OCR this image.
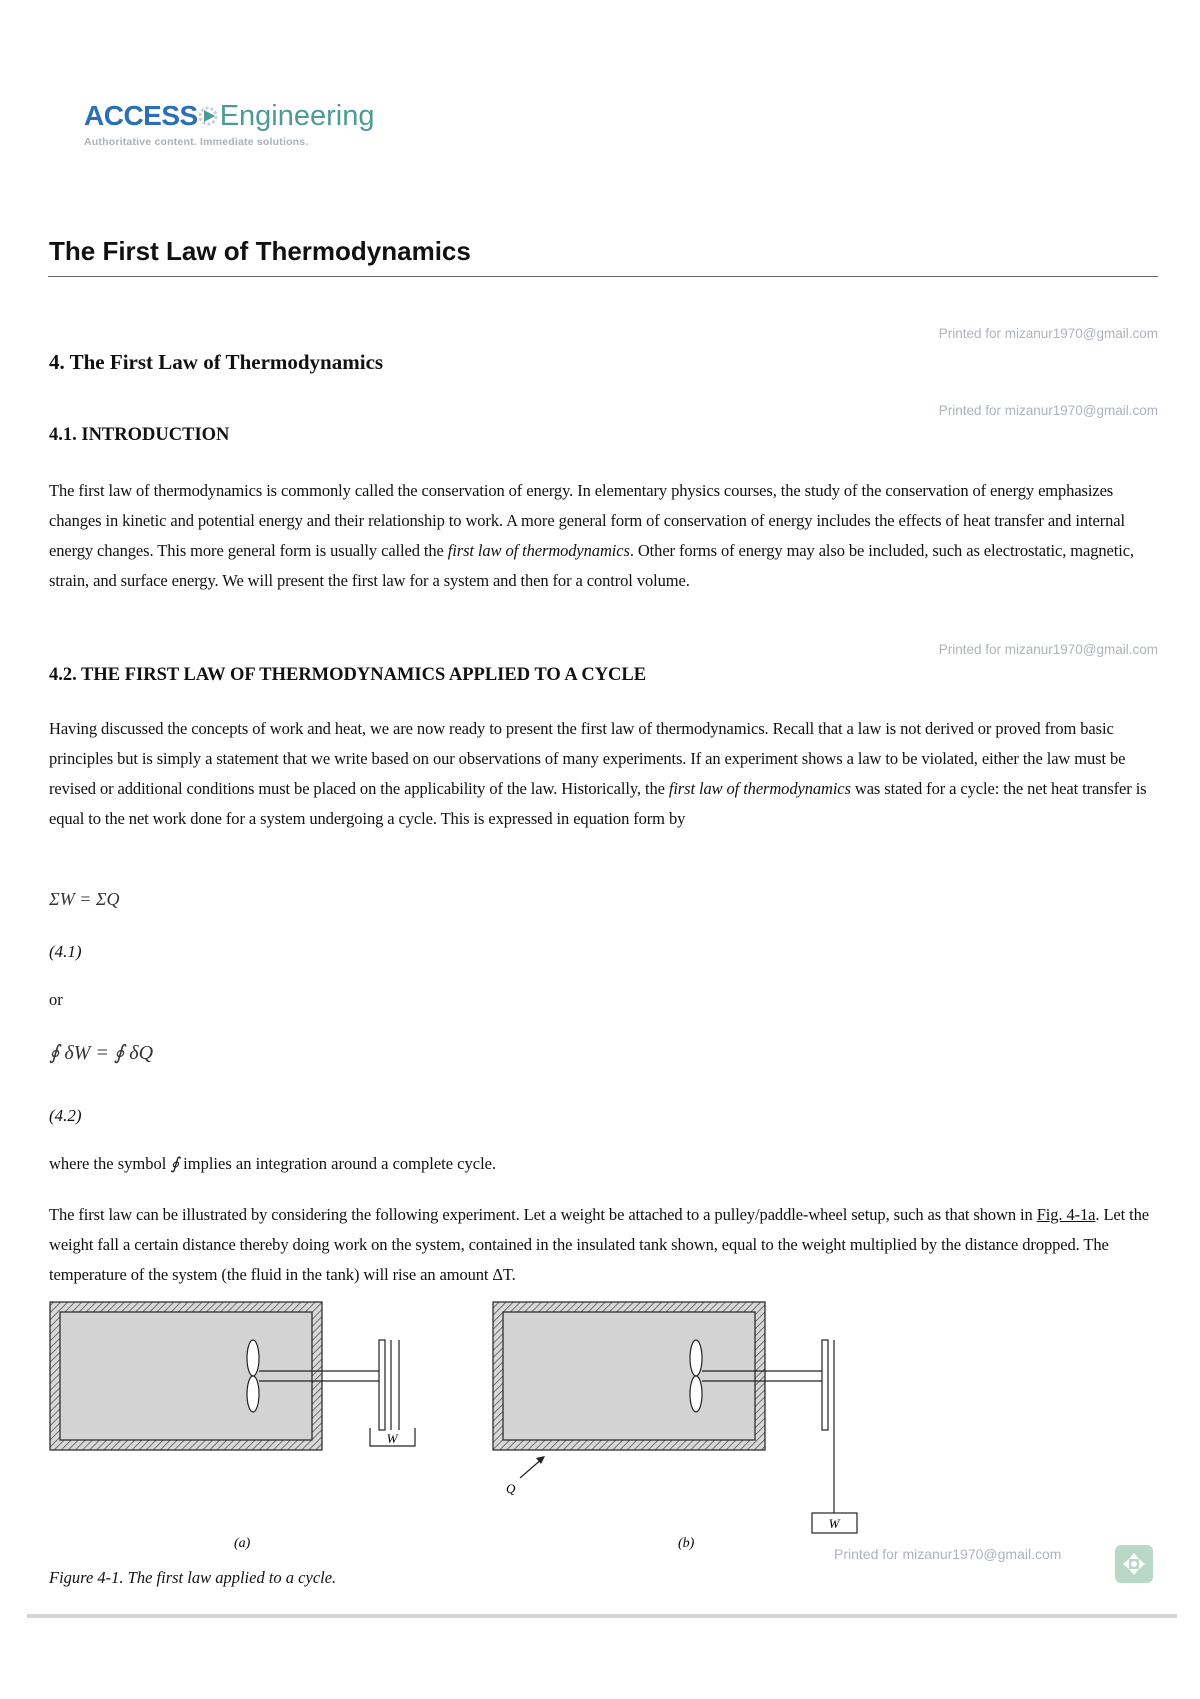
ACCESS Engineering
Authoritative content. Immediate solutions.
The First Law of Thermodynamics
Printed for mizanur1970@gmail.com
4. The First Law of Thermodynamics
Printed for mizanur1970@gmail.com
4.1. INTRODUCTION

The first law of thermodynamics is commonly called the conservation of energy. In elementary physics courses, the study of the conservation of energy emphasizes changes in kinetic and potential energy and their relationship to work. A more general form of conservation of energy includes the effects of heat transfer and internal energy changes. This more general form is usually called the first law of thermodynamics. Other forms of energy may also be included, such as electrostatic, magnetic, strain, and surface energy. We will present the first law for a system and then for a control volume.

Printed for mizanur1970@gmail.com
4.2. THE FIRST LAW OF THERMODYNAMICS APPLIED TO A CYCLE

Having discussed the concepts of work and heat, we are now ready to present the first law of thermodynamics. Recall that a law is not derived or proved from basic principles but is simply a statement that we write based on our observations of many experiments. If an experiment shows a law to be violated, either the law must be revised or additional conditions must be placed on the applicability of the law. Historically, the first law of thermodynamics was stated for a cycle: the net heat transfer is equal to the net work done for a system undergoing a cycle. This is expressed in equation form by

ΣW = ΣQ
(4.1)
or
∮ δW = ∮ δQ
(4.2)
where the symbol ∮ implies an integration around a complete cycle.

The first law can be illustrated by considering the following experiment. Let a weight be attached to a pulley/paddle-wheel setup, such as that shown in Fig. 4-1a. Let the weight fall a certain distance thereby doing work on the system, contained in the insulated tank shown, equal to the weight multiplied by the distance dropped. The temperature of the system (the fluid in the tank) will rise an amount ΔT.

W
(a)
W
Q
(b)
Printed for mizanur1970@gmail.com
Figure 4-1. The first law applied to a cycle.
